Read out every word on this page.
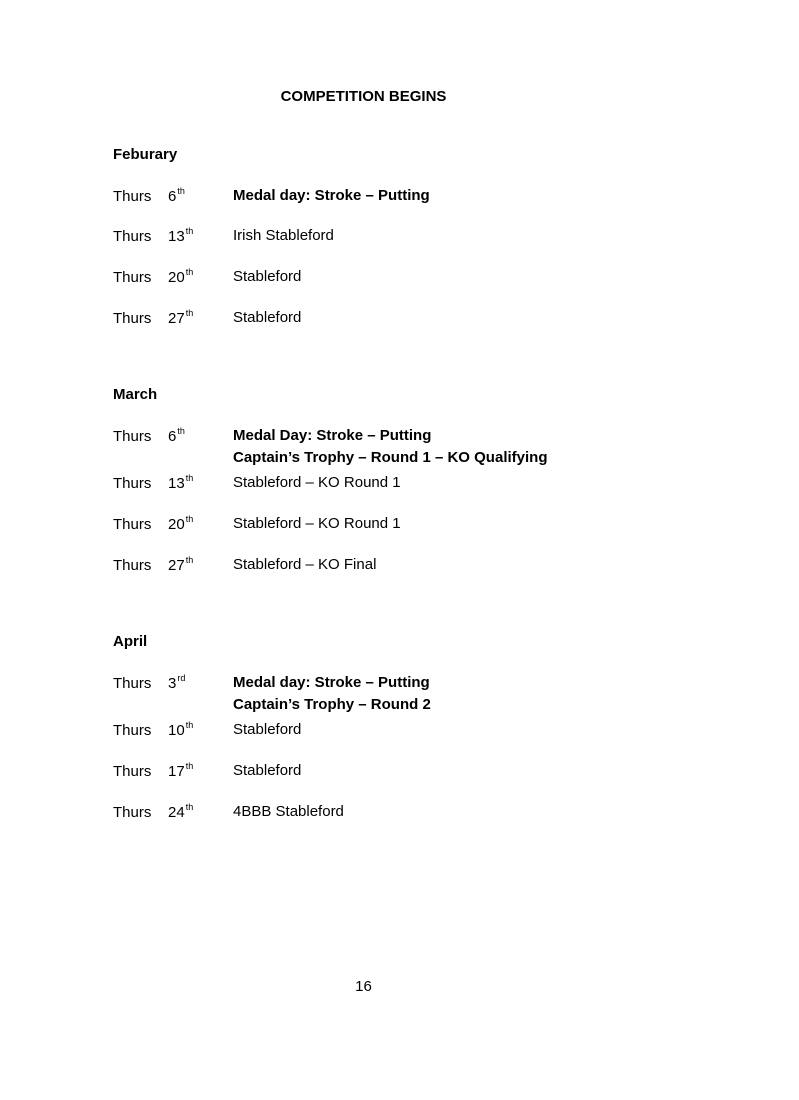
COMPETITION BEGINS
Feburary
Thurs 6th	Medal day: Stroke – Putting
Thurs 13th	Irish Stableford
Thurs 20th	Stableford
Thurs 27th	Stableford
March
Thurs 6th	Medal Day: Stroke – Putting
Captain’s Trophy – Round 1 – KO Qualifying
Thurs 13th	Stableford – KO Round 1
Thurs 20th	Stableford – KO Round 1
Thurs 27th	Stableford – KO Final
April
Thurs 3rd	Medal day: Stroke – Putting
Captain’s Trophy – Round 2
Thurs 10th	Stableford
Thurs 17th	Stableford
Thurs 24th	4BBB Stableford
16
